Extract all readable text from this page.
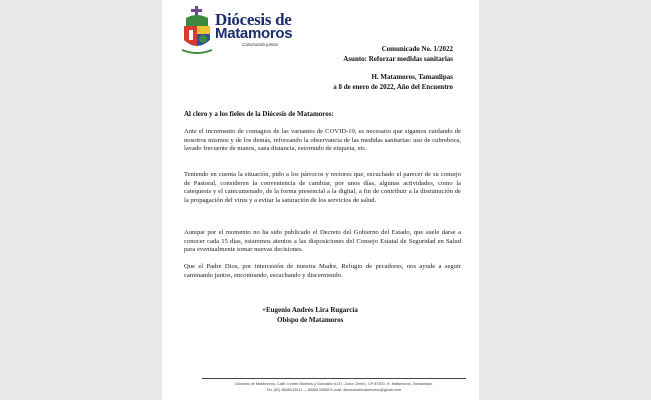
Diócesis de
Matamoros
Caminando juntos
Comunicado No. 1/2022
Asunto: Reforzar medidas sanitarias
H. Matamoros, Tamaulipas
a 8 de enero de 2022, Año del Encuentro
Al clero y a los fieles de la Diócesis de Matamoros:
Ante el incremento de contagios de las variantes de COVID-19, es necesario que sigamos cuidando de nosotros mismos y de los demás, reforzando la observancia de las medidas sanitarias: uso de cubreboca, lavado frecuente de manos, sana distancia, estornudo de etiqueta, etc.
Teniendo en cuenta la situación, pido a los párrocos y rectores que, escuchado el parecer de su consejo de Pastoral, consideren la conveniencia de cambiar, por unos días, algunas actividades, como la catequesis y el catecumenado, de la forma presencial a la digital, a fin de contribuir a la disminución de la propagación del virus y a evitar la saturación de los servicios de salud.
Aunque por el momento no ha sido publicado el Decreto del Gobierno del Estado, que suele darse a conocer cada 15 días, estaremos atentos a las disposiciones del Consejo Estatal de Seguridad en Salud para eventualmente tomar nuevas decisiones.
Que el Padre Dios, por intercesión de nuestra Madre, Refugio de pecadores, nos ayude a seguir caminando juntos, encontrando, escuchando y discerniendo.
+Eugenio Andrés Lira Rugarcía
Obispo de Matamoros
Diócesis de Matamoros, Calle 4 entre Morelos y González #137, Zona Centro, CP 87300, H. Matamoros, Tamaulipas.
Tel: (52) 8688133511 — 8688133658 E-mail: diocesisdematamoros@gmail.com
